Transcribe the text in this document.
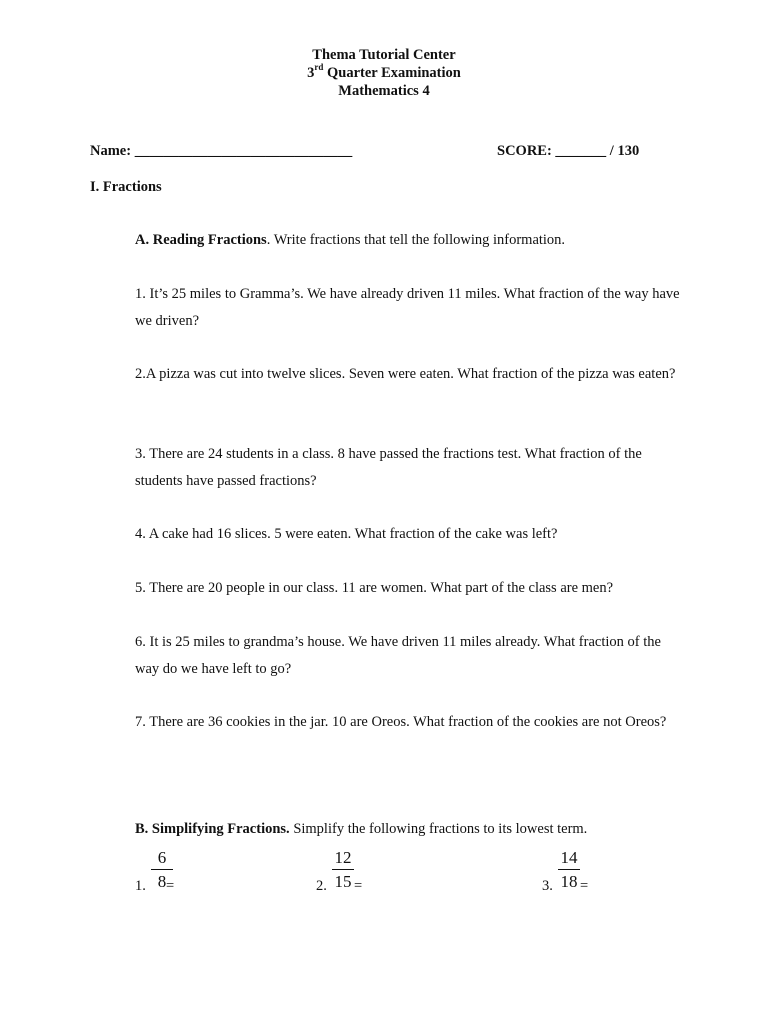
Thema Tutorial Center
3rd Quarter Examination
Mathematics 4
Name: ______________________________	SCORE: _______ / 130
I. Fractions
A. Reading Fractions. Write fractions that tell the following information.
1. It’s 25 miles to Gramma’s. We have already driven 11 miles. What fraction of the way have we driven?
2.A pizza was cut into twelve slices. Seven were eaten. What fraction of the pizza was eaten?
3. There are 24 students in a class. 8 have passed the fractions test. What fraction of the students have passed fractions?
4. A cake had 16 slices. 5 were eaten. What fraction of the cake was left?
5. There are 20 people in our class. 11 are women. What part of the class are men?
6. It is 25 miles to grandma’s house. We have driven 11 miles already. What fraction of the way do we have left to go?
7. There are 36 cookies in the jar. 10 are Oreos. What fraction of the cookies are not Oreos?
B. Simplifying Fractions. Simplify the following fractions to its lowest term.
1.
6
8 =	2.
12
15 =	3.
14
18 =
